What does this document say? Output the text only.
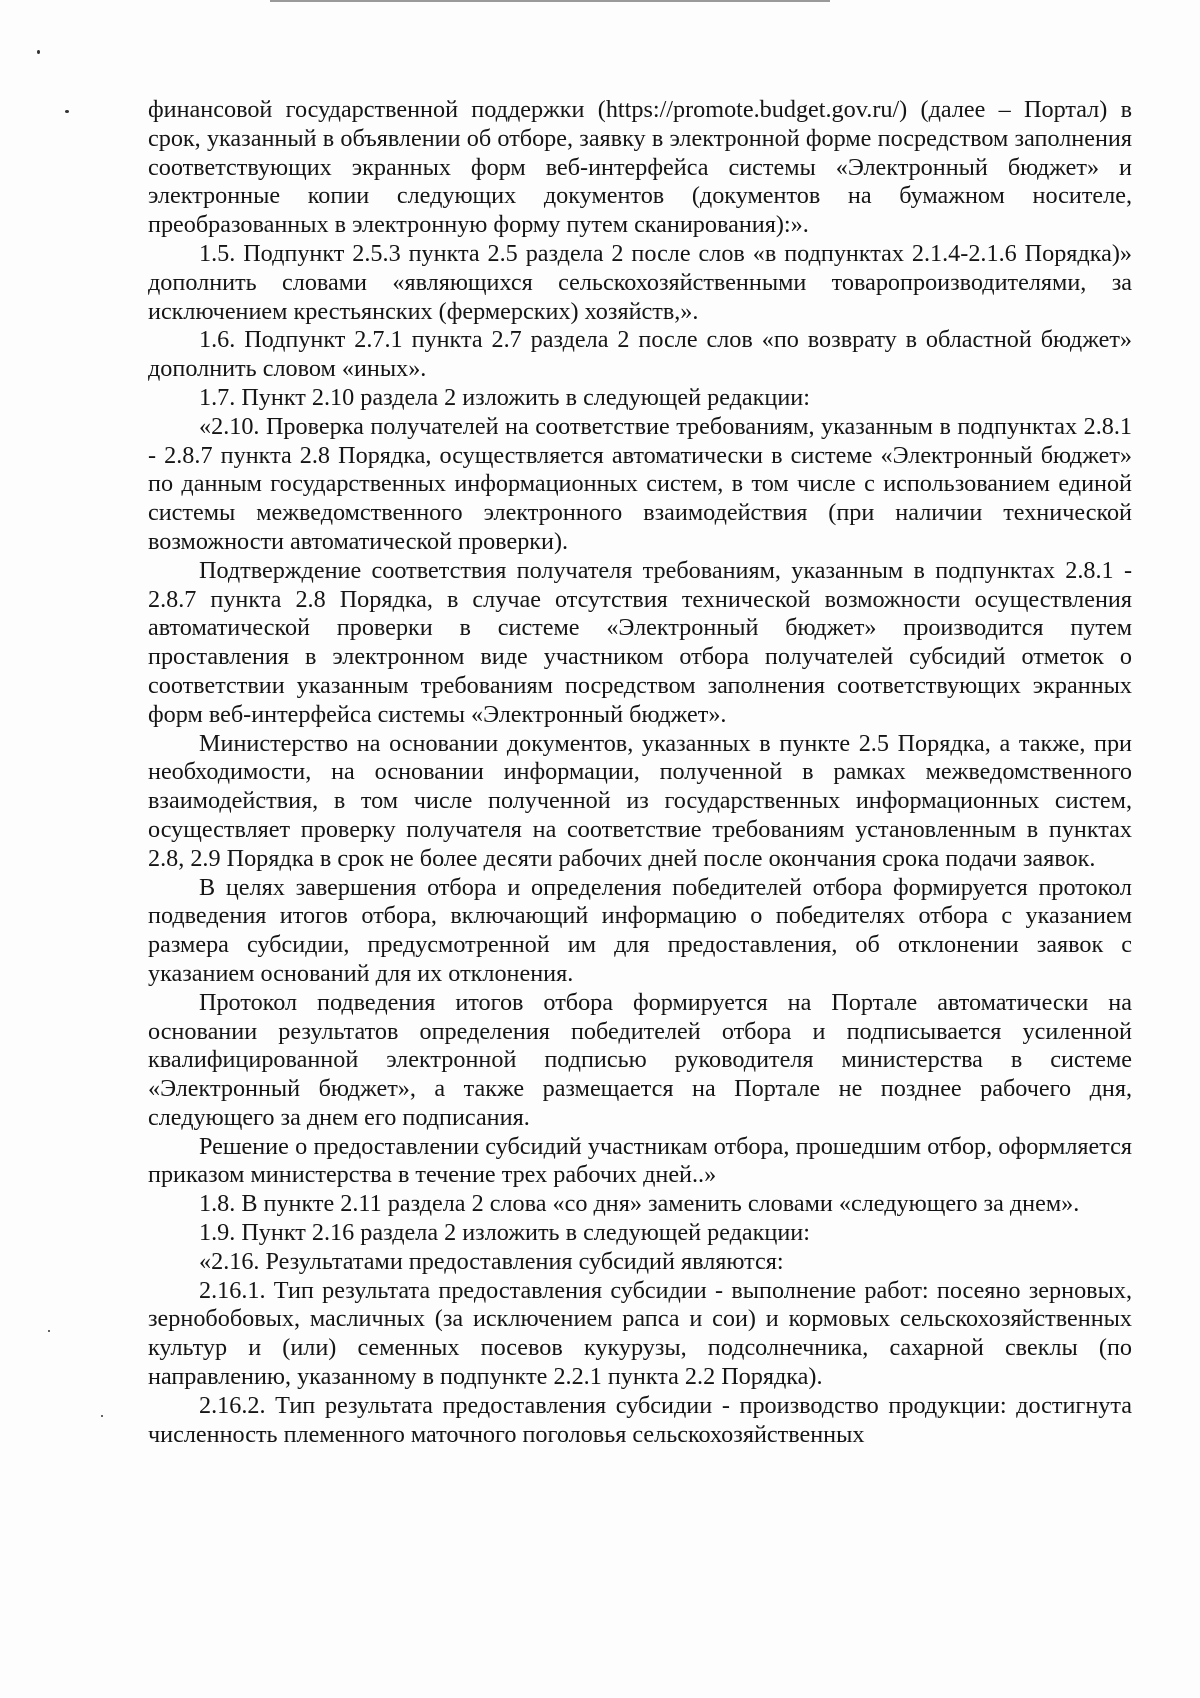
финансовой государственной поддержки (https://promote.budget.gov.ru/) (далее – Портал) в срок, указанный в объявлении об отборе, заявку в электронной форме посредством заполнения соответствующих экранных форм веб-интерфейса системы «Электронный бюджет» и электронные копии следующих документов (документов на бумажном носителе, преобразованных в электронную форму путем сканирования):».

1.5. Подпункт 2.5.3 пункта 2.5 раздела 2 после слов «в подпунктах 2.1.4-2.1.6 Порядка)» дополнить словами «являющихся сельскохозяйственными товаропроизводителями, за исключением крестьянских (фермерских) хозяйств,».

1.6. Подпункт 2.7.1 пункта 2.7 раздела 2 после слов «по возврату в областной бюджет» дополнить словом «иных».

1.7. Пункт 2.10 раздела 2 изложить в следующей редакции:

«2.10. Проверка получателей на соответствие требованиям, указанным в подпунктах 2.8.1 - 2.8.7 пункта 2.8 Порядка, осуществляется автоматически в системе «Электронный бюджет» по данным государственных информационных систем, в том числе с использованием единой системы межведомственного электронного взаимодействия (при наличии технической возможности автоматической проверки).

Подтверждение соответствия получателя требованиям, указанным в подпунктах 2.8.1 - 2.8.7 пункта 2.8 Порядка, в случае отсутствия технической возможности осуществления автоматической проверки в системе «Электронный бюджет» производится путем проставления в электронном виде участником отбора получателей субсидий отметок о соответствии указанным требованиям посредством заполнения соответствующих экранных форм веб-интерфейса системы «Электронный бюджет».

Министерство на основании документов, указанных в пункте 2.5 Порядка, а также, при необходимости, на основании информации, полученной в рамках межведомственного взаимодействия, в том числе полученной из государственных информационных систем, осуществляет проверку получателя на соответствие требованиям установленным в пунктах 2.8, 2.9 Порядка в срок не более десяти рабочих дней после окончания срока подачи заявок.

В целях завершения отбора и определения победителей отбора формируется протокол подведения итогов отбора, включающий информацию о победителях отбора с указанием размера субсидии, предусмотренной им для предоставления, об отклонении заявок с указанием оснований для их отклонения.

Протокол подведения итогов отбора формируется на Портале автоматически на основании результатов определения победителей отбора и подписывается усиленной квалифицированной электронной подписью руководителя министерства в системе «Электронный бюджет», а также размещается на Портале не позднее рабочего дня, следующего за днем его подписания.

Решение о предоставлении субсидий участникам отбора, прошедшим отбор, оформляется приказом министерства в течение трех рабочих дней..»

1.8. В пункте 2.11 раздела 2 слова «со дня» заменить словами «следующего за днем».

1.9. Пункт 2.16 раздела 2 изложить в следующей редакции:

«2.16. Результатами предоставления субсидий являются:

2.16.1. Тип результата предоставления субсидии - выполнение работ: посеяно зерновых, зернобобовых, масличных (за исключением рапса и сои) и кормовых сельскохозяйственных культур и (или) семенных посевов кукурузы, подсолнечника, сахарной свеклы (по направлению, указанному в подпункте 2.2.1 пункта 2.2 Порядка).

2.16.2. Тип результата предоставления субсидии - производство продукции: достигнута численность племенного маточного поголовья сельскохозяйственных
